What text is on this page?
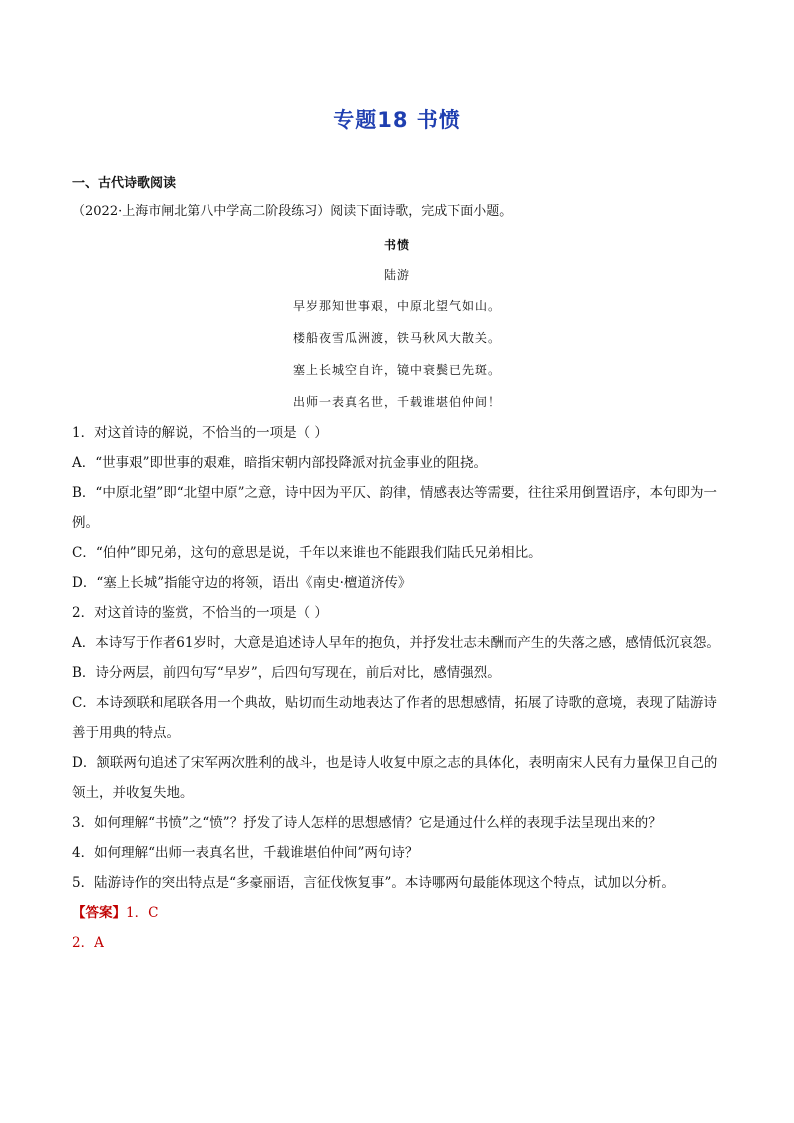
专题18 书愤
一、古代诗歌阅读
（2022·上海市闸北第八中学高二阶段练习）阅读下面诗歌，完成下面小题。
书愤
陆游
早岁那知世事艰，中原北望气如山。
楼船夜雪瓜洲渡，铁马秋风大散关。
塞上长城空自许，镜中衰鬓已先斑。
出师一表真名世，千载谁堪伯仲间！

1．对这首诗的解说，不恰当的一项是（ ）

A．“世事艰”即世事的艰难，暗指宋朝内部投降派对抗金事业的阻挠。

B．“中原北望”即“北望中原”之意，诗中因为平仄、韵律，情感表达等需要，往往采用倒置语序，本句即为一例。

C．“伯仲”即兄弟，这句的意思是说，千年以来谁也不能跟我们陆氏兄弟相比。

D．“塞上长城”指能守边的将领，语出《南史·檀道济传》

2．对这首诗的鉴赏，不恰当的一项是（ ）

A．本诗写于作者61岁时，大意是追述诗人早年的抱负，并抒发壮志未酬而产生的失落之感，感情低沉哀怨。

B．诗分两层，前四句写“早岁”，后四句写现在，前后对比，感情强烈。

C．本诗颈联和尾联各用一个典故，贴切而生动地表达了作者的思想感情，拓展了诗歌的意境，表现了陆游诗善于用典的特点。

D．颔联两句追述了宋军两次胜利的战斗，也是诗人收复中原之志的具体化，表明南宋人民有力量保卫自己的领土，并收复失地。

3．如何理解“书愤”之“愤”？抒发了诗人怎样的思想感情？它是通过什么样的表现手法呈现出来的？

4．如何理解“出师一表真名世，千载谁堪伯仲间”两句诗？

5．陆游诗作的突出特点是“多豪丽语，言征伐恢复事”。本诗哪两句最能体现这个特点，试加以分析。

【答案】1．C

2．A
